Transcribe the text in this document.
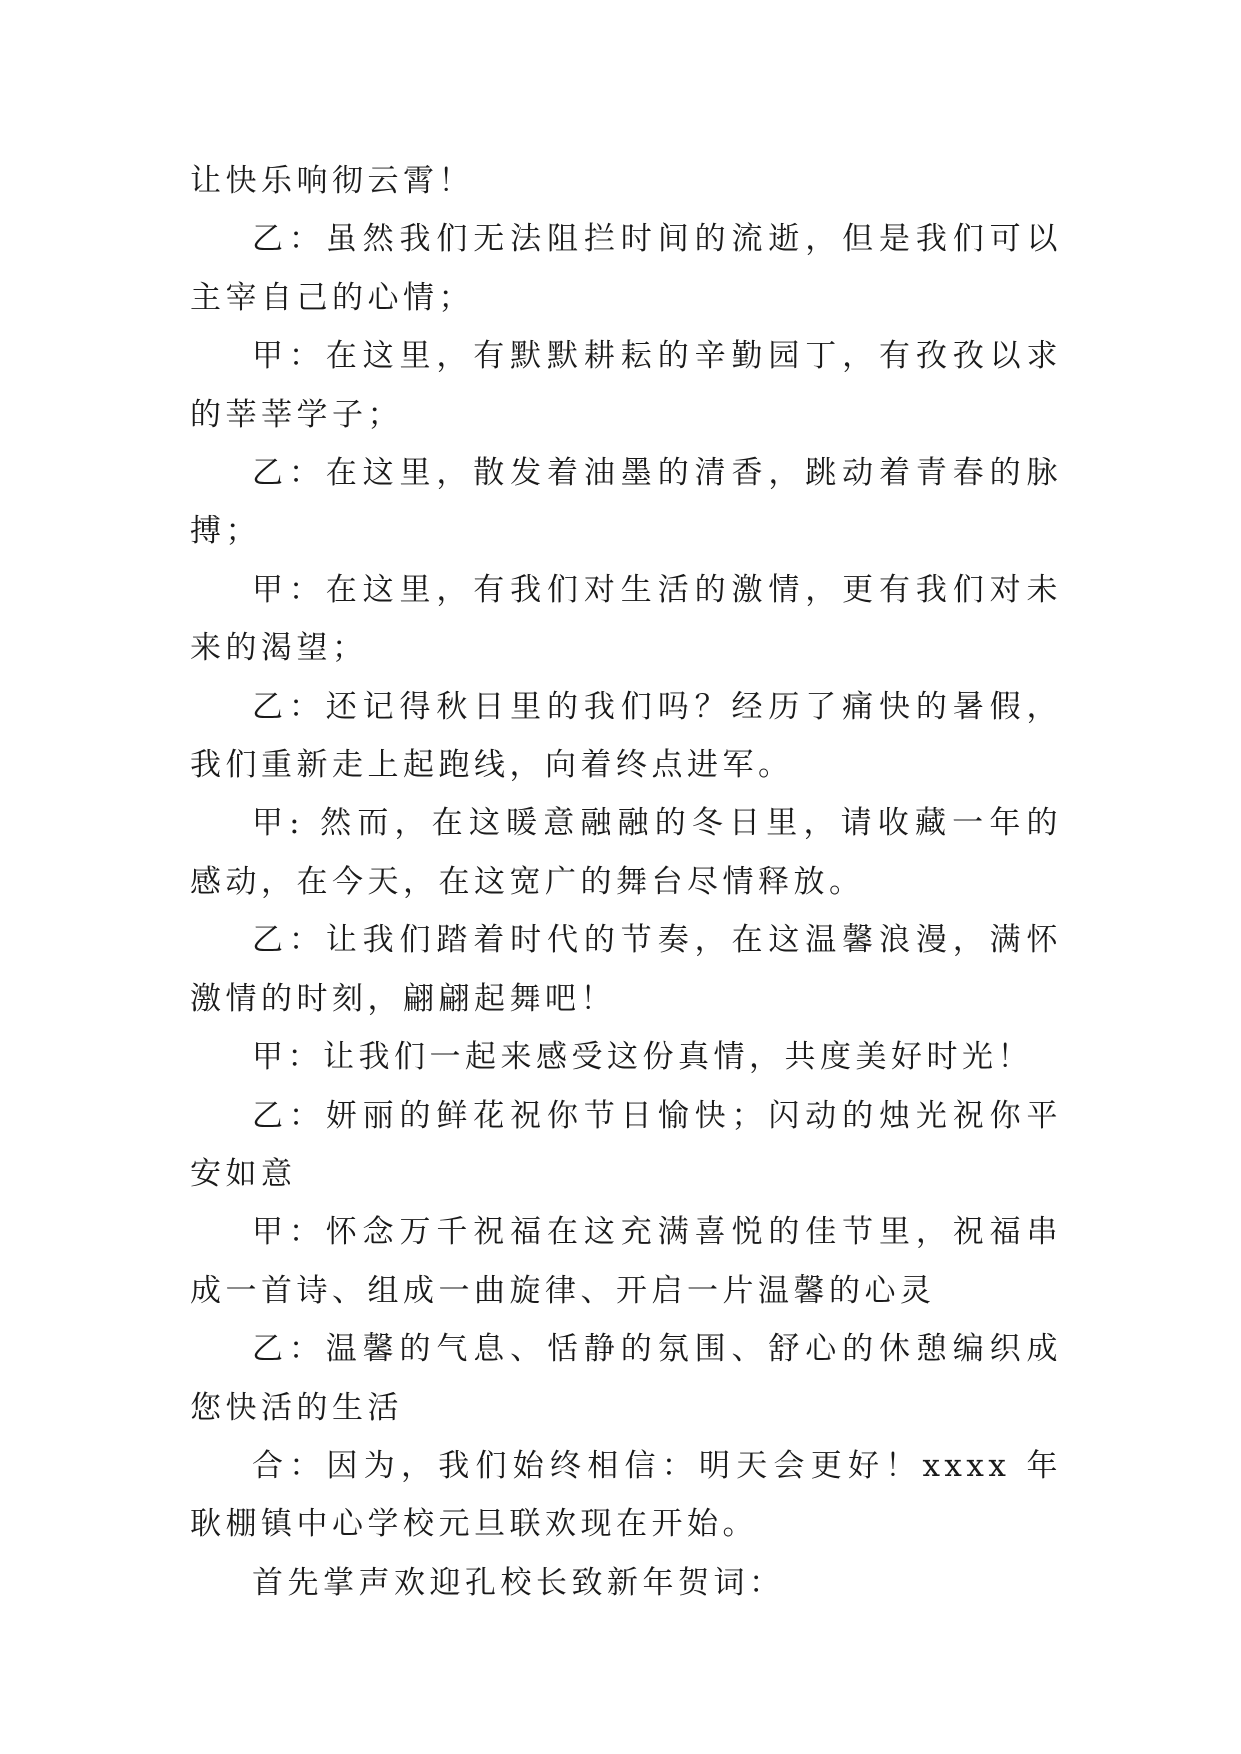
让快乐响彻云霄！

乙：虽然我们无法阻拦时间的流逝，但是我们可以主宰自己的心情；

甲：在这里，有默默耕耘的辛勤园丁，有孜孜以求的莘莘学子；

乙：在这里，散发着油墨的清香，跳动着青春的脉搏；

甲：在这里，有我们对生活的激情，更有我们对未来的渴望；

乙：还记得秋日里的我们吗？经历了痛快的暑假，我们重新走上起跑线，向着终点进军。

甲: 然而，在这暖意融融的冬日里，请收藏一年的感动，在今天，在这宽广的舞台尽情释放。

乙：让我们踏着时代的节奏，在这温馨浪漫，满怀激情的时刻，翩翩起舞吧！

甲：让我们一起来感受这份真情，共度美好时光！

乙：妍丽的鲜花祝你节日愉快；闪动的烛光祝你平安如意

甲：怀念万千祝福在这充满喜悦的佳节里，祝福串成一首诗、组成一曲旋律、开启一片温馨的心灵

乙：温馨的气息、恬静的氛围、舒心的休憩编织成您快活的生活

合：因为，我们始终相信：明天会更好！xxxx 年耿棚镇中心学校元旦联欢现在开始。

首先掌声欢迎孔校长致新年贺词：
